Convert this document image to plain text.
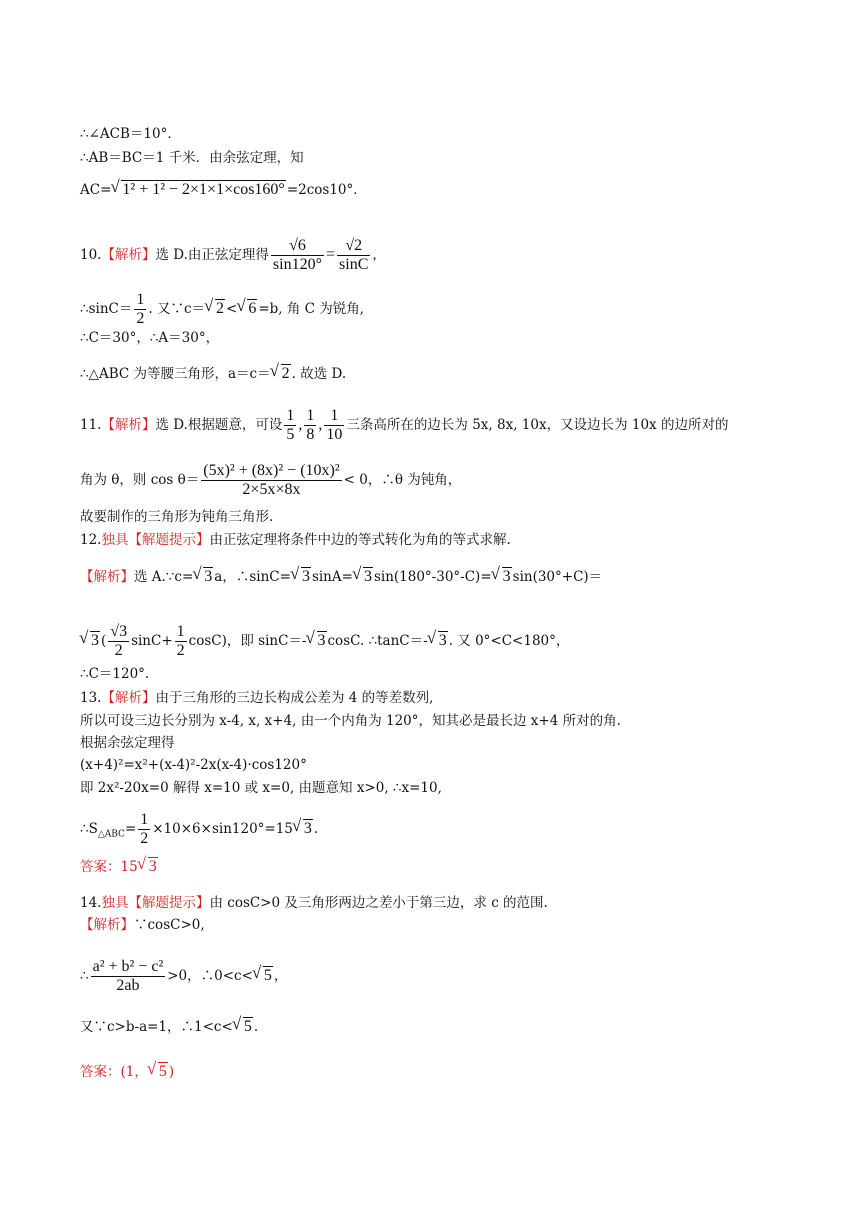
∴∠ACB＝10°．
∴AB＝BC＝1 千米．由余弦定理，知
AC=√ 1² + 1² − 2×1×1×cos160° =2cos10°．
10.【解析】选 D.由正弦定理得 $\frac{√6}{\sin 120^\circ} = \frac{√2}{\sin C}$ ，
∴sinC＝ $\frac{1}{2}$ . 又∵c＝√ 2 <√ 6 =b, 角 C 为锐角,
∴C＝30°，∴A＝30°，
∴△ABC 为等腰三角形，a＝c＝√ 2 . 故选 D.
11.【解析】选 D.根据题意，可设 $\frac{1}{5}$ , $\frac{1}{8}$ , $\frac{1}{10}$ 三条高所在的边长为 5x, 8x, 10x，又设边长为 10x 的边所对的
角为 θ，则 $\cos \theta= \frac{\text{(5x)² + (8x)² − (10x)²}}{2\times 5x\times 8x} < 0$，∴θ 为钝角，
故要制作的三角形为钝角三角形.
12.独具【解题提示】由正弦定理将条件中边的等式转化为角的等式求解.
【解析】选 A.∵c=√ 3 a，∴sinC=√ 3 sinA=√ 3 sin(180°-30°-C)=√ 3 sin(30°+C)＝
√ 3 ( $\frac{√3}{2} \sin C+ \frac{1}{2} \cos C$)，即 sinC＝-√ 3 cosC. ∴tanC＝-√ 3 . 又 0°<C<180°，
∴C＝120°.
13.【解析】由于三角形的三边长构成公差为 4 的等差数列,
所以可设三边长分别为 x-4, x, x+4, 由一个内角为 120°，知其必是最长边 x+4 所对的角.
根据余弦定理得
(x+4)²=x²+(x-4)²-2x(x-4)·cos120°
即 2x²-20x=0 解得 x=10 或 x=0, 由题意知 x>0, ∴x=10,
$\therefore S_{\triangle ABC}= \frac{1}{2} \times 10\times 6\times\sin 120^\circ=15√$ 3 .
答案：15√ 3
14.独具【解题提示】由 cosC>0 及三角形两边之差小于第三边，求 c 的范围.
【解析】∵cosC>0,
∴ $\frac{\text{a² + b² − c²}}{2ab} >0$，∴0<c<√ 5 ，
又∵c>b-a=1，∴1<c<√ 5 .
答案：(1，√ 5 )
